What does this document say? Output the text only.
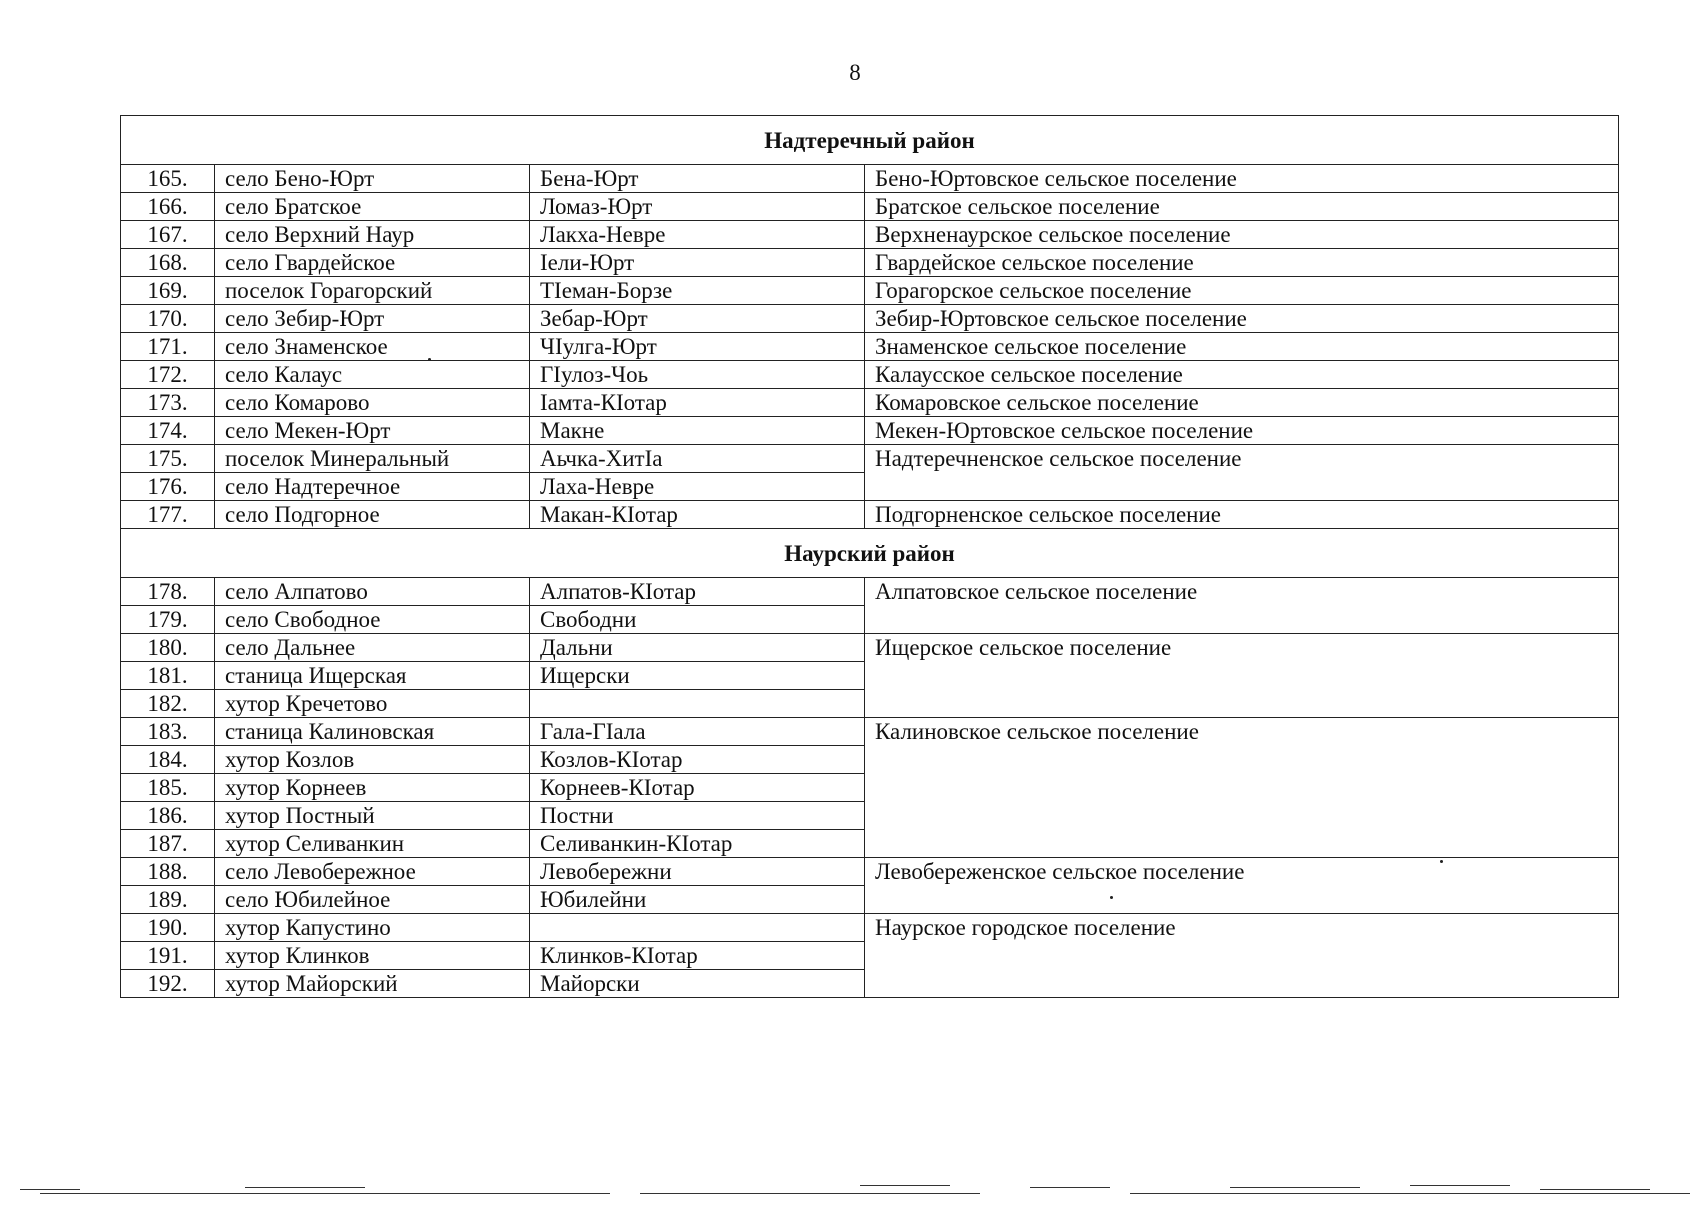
8
Надтеречный район			
165.	село Бено-Юрт	Бена-Юрт	Бено-Юртовское сельское поселение
166.	село Братское	Ломаз-Юрт	Братское сельское поселение
167.	село Верхний Наур	Лакха-Невре	Верхненаурское сельское поселение
168.	село Гвардейское	Іели-Юрт	Гвардейское сельское поселение
169.	поселок Горагорский	ТІеман-Борзе	Горагорское сельское поселение
170.	село Зебир-Юрт	Зебар-Юрт	Зебир-Юртовское сельское поселение
171.	село Знаменское	ЧІулга-Юрт	Знаменское сельское поселение
172.	село Калаус	ГІулоз-Чоь	Калаусское сельское поселение
173.	село Комарово	Іамта-КІотар	Комаровское сельское поселение
174.	село Мекен-Юрт	Макне	Мекен-Юртовское сельское поселение
175.	поселок Минеральный	Аьчка-ХитІа	Надтеречненское сельское поселение
176.	село Надтеречное	Лаха-Невре	
177.	село Подгорное	Макан-КІотар	Подгорненское сельское поселение
Наурский район			
178.	село Алпатово	Алпатов-КІотар	Алпатовское сельское поселение
179.	село Свободное	Свободни	
180.	село Дальнее	Дальни	Ищерское сельское поселение
181.	станица Ищерская	Ищерски	
182.	хутор Кречетово		
183.	станица Калиновская	Гала-ГІала	Калиновское сельское поселение
184.	хутор Козлов	Козлов-КІотар	
185.	хутор Корнеев	Корнеев-КІотар	
186.	хутор Постный	Постни	
187.	хутор Селиванкин	Селиванкин-КІотар	
188.	село Левобережное	Левобережни	Левобереженское сельское поселение
189.	село Юбилейное	Юбилейни	
190.	хутор Капустино		Наурское городское поселение
191.	хутор Клинков	Клинков-КІотар	
192.	хутор Майорский	Майорски	
